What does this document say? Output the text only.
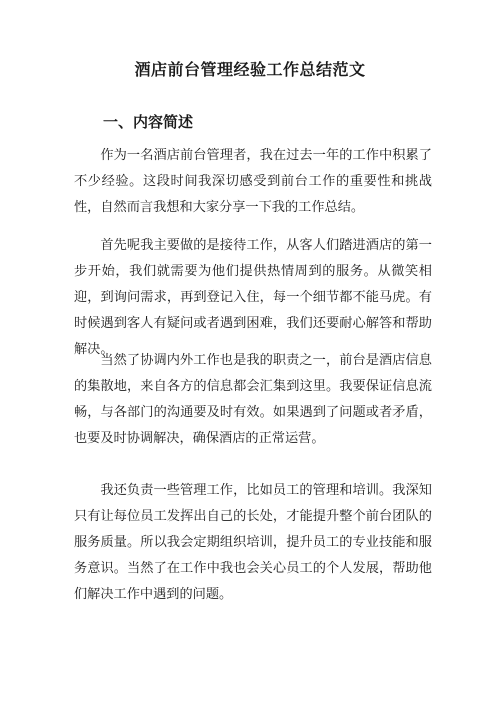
酒店前台管理经验工作总结范文
一、内容简述

作为一名酒店前台管理者，我在过去一年的工作中积累了不少经验。这段时间我深切感受到前台工作的重要性和挑战性，自然而言我想和大家分享一下我的工作总结。

首先呢我主要做的是接待工作，从客人们踏进酒店的第一步开始，我们就需要为他们提供热情周到的服务。从微笑相迎，到询问需求，再到登记入住，每一个细节都不能马虎。有时候遇到客人有疑问或者遇到困难，我们还要耐心解答和帮助解决。

当然了协调内外工作也是我的职责之一，前台是酒店信息的集散地，来自各方的信息都会汇集到这里。我要保证信息流畅，与各部门的沟通要及时有效。如果遇到了问题或者矛盾，也要及时协调解决，确保酒店的正常运营。

我还负责一些管理工作，比如员工的管理和培训。我深知只有让每位员工发挥出自己的长处，才能提升整个前台团队的服务质量。所以我会定期组织培训，提升员工的专业技能和服务意识。当然了在工作中我也会关心员工的个人发展，帮助他们解决工作中遇到的问题。
